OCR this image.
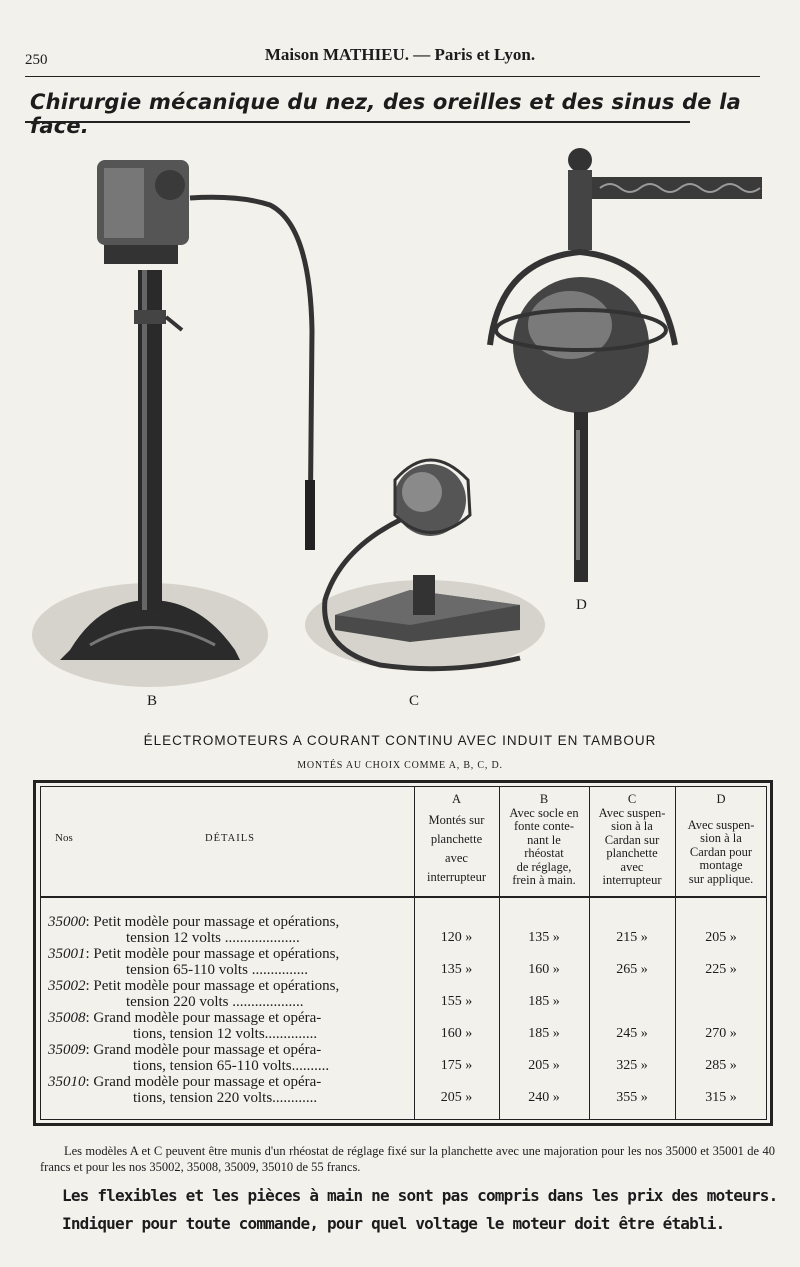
250	Maison MATHIEU. — Paris et Lyon.
Chirurgie mécanique du nez, des oreilles et des sinus de la face.
B	C
D
ÉLECTROMOTEURS A COURANT CONTINU AVEC INDUIT EN TAMBOUR
MONTÉS AU CHOIX COMME A, B, C, D.
Nos	DÉTAILS
A
Montés sur
planchette
avec
interrupteur
B
Avec socle en
fonte conte-
nant le
rhéostat
de réglage,
frein à main.
C
Avec suspen-
sion à la
Cardan sur
planchette
avec
interrupteur
D
Avec suspen-
sion à la
Cardan pour
montage
sur applique.
35000: Petit modèle pour massage et opérations,
tension 12 volts ....................	120 »	135 »	215 »	205 »
35001: Petit modèle pour massage et opérations,
tension 65-110 volts ...............	135 »	160 »	265 »	225 »
35002: Petit modèle pour massage et opérations,
tension 220 volts ...................	155 »	185 »
35008: Grand modèle pour massage et opéra-
tions, tension 12 volts..............	160 »	185 »	245 »	270 »
35009: Grand modèle pour massage et opéra-
tions, tension 65-110 volts..........	175 »	205 »	325 »	285 »
35010: Grand modèle pour massage et opéra-
tions, tension 220 volts............	205 »	240 »	355 »	315 »
Les modèles A et C peuvent être munis d'un rhéostat de réglage fixé sur la planchette avec une majoration pour les nos 35000 et 35001 de 40 francs et pour les nos 35002, 35008, 35009, 35010 de 55 francs.
Les flexibles et les pièces à main ne sont pas compris dans les prix des moteurs.
Indiquer pour toute commande, pour quel voltage le moteur doit être établi.
